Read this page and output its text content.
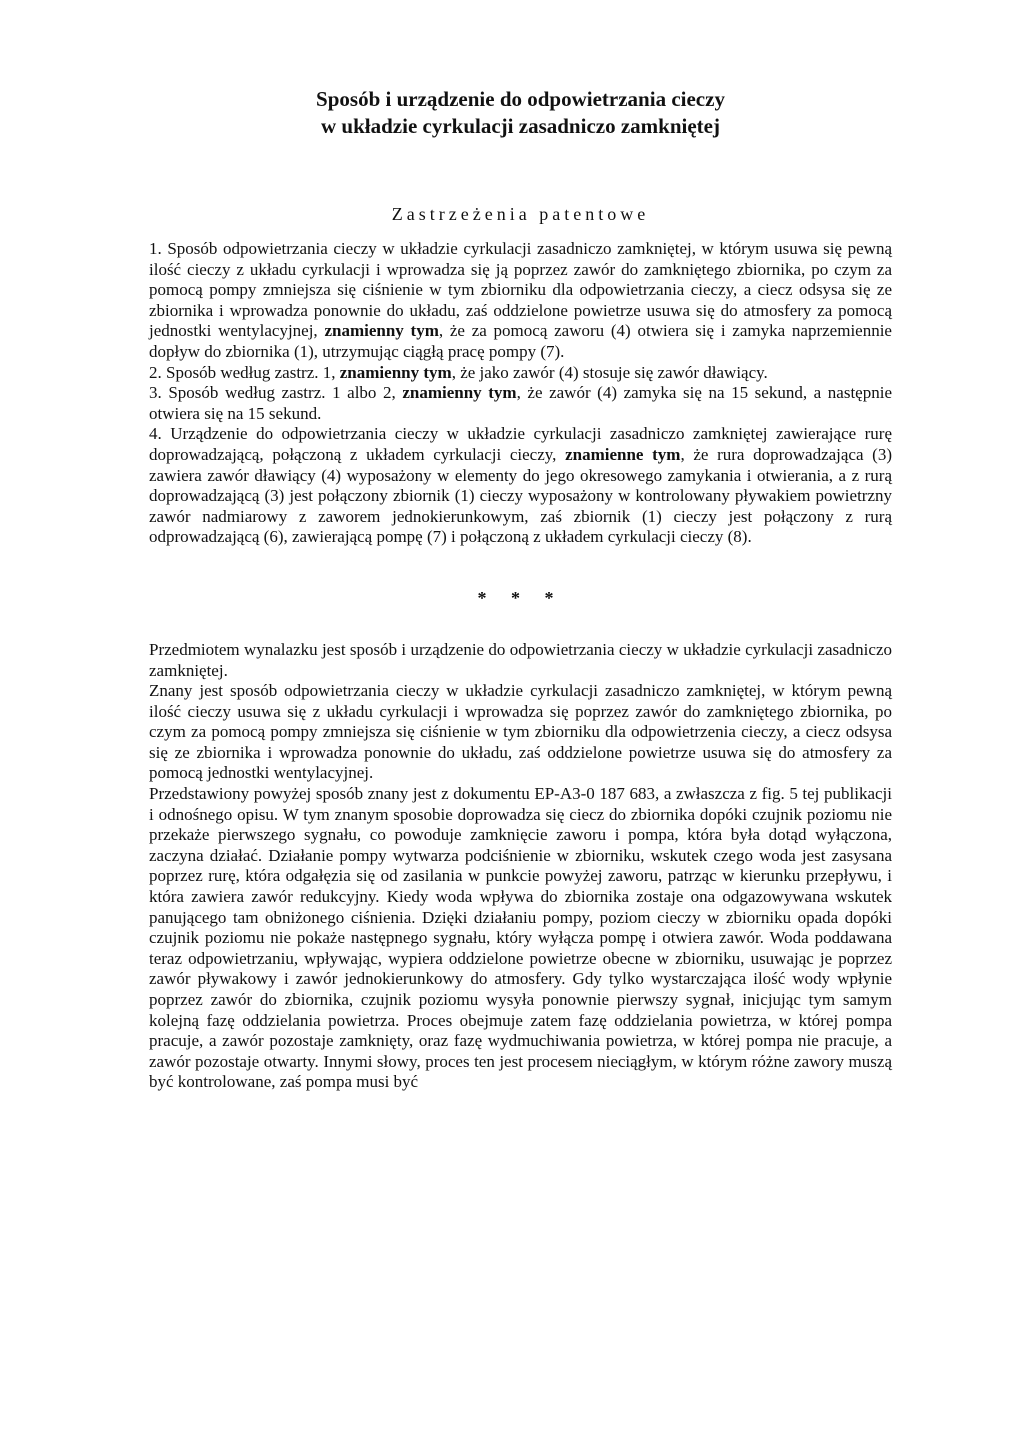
Sposób i urządzenie do odpowietrzania cieczy
w układzie cyrkulacji zasadniczo zamkniętej
Zastrzeżenia patentowe

1. Sposób odpowietrzania cieczy w układzie cyrkulacji zasadniczo zamkniętej, w którym usuwa się pewną ilość cieczy z układu cyrkulacji i wprowadza się ją poprzez zawór do zamkniętego zbiornika, po czym za pomocą pompy zmniejsza się ciśnienie w tym zbiorniku dla odpowietrzania cieczy, a ciecz odsysa się ze zbiornika i wprowadza ponownie do układu, zaś oddzielone powietrze usuwa się do atmosfery za pomocą jednostki wentylacyjnej, znamienny tym, że za pomocą zaworu (4) otwiera się i zamyka naprzemiennie dopływ do zbiornika (1), utrzymując ciągłą pracę pompy (7).

2. Sposób według zastrz. 1, znamienny tym, że jako zawór (4) stosuje się zawór dławiący.

3. Sposób według zastrz. 1 albo 2, znamienny tym, że zawór (4) zamyka się na 15 sekund, a następnie otwiera się na 15 sekund.

4. Urządzenie do odpowietrzania cieczy w układzie cyrkulacji zasadniczo zamkniętej zawierające rurę doprowadzającą, połączoną z układem cyrkulacji cieczy, znamienne tym, że rura doprowadzająca (3) zawiera zawór dławiący (4) wyposażony w elementy do jego okresowego zamykania i otwierania, a z rurą doprowadzającą (3) jest połączony zbiornik (1) cieczy wyposażony w kontrolowany pływakiem powietrzny zawór nadmiarowy z zaworem jednokierunkowym, zaś zbiornik (1) cieczy jest połączony z rurą odprowadzającą (6), zawierającą pompę (7) i połączoną z układem cyrkulacji cieczy (8).

* * *

Przedmiotem wynalazku jest sposób i urządzenie do odpowietrzania cieczy w układzie cyrkulacji zasadniczo zamkniętej.

Znany jest sposób odpowietrzania cieczy w układzie cyrkulacji zasadniczo zamkniętej, w którym pewną ilość cieczy usuwa się z układu cyrkulacji i wprowadza się poprzez zawór do zamkniętego zbiornika, po czym za pomocą pompy zmniejsza się ciśnienie w tym zbiorniku dla odpowietrzenia cieczy, a ciecz odsysa się ze zbiornika i wprowadza ponownie do układu, zaś oddzielone powietrze usuwa się do atmosfery za pomocą jednostki wentylacyjnej.

Przedstawiony powyżej sposób znany jest z dokumentu EP-A3-0 187 683, a zwłaszcza z fig. 5 tej publikacji i odnośnego opisu. W tym znanym sposobie doprowadza się ciecz do zbiornika dopóki czujnik poziomu nie przekaże pierwszego sygnału, co powoduje zamknięcie zaworu i pompa, która była dotąd wyłączona, zaczyna działać. Działanie pompy wytwarza podciśnienie w zbiorniku, wskutek czego woda jest zasysana poprzez rurę, która odgałęzia się od zasilania w punkcie powyżej zaworu, patrząc w kierunku przepływu, i która zawiera zawór redukcyjny. Kiedy woda wpływa do zbiornika zostaje ona odgazowywana wskutek panującego tam obniżonego ciśnienia. Dzięki działaniu pompy, poziom cieczy w zbiorniku opada dopóki czujnik poziomu nie pokaże następnego sygnału, który wyłącza pompę i otwiera zawór. Woda poddawana teraz odpowietrzaniu, wpływając, wypiera oddzielone powietrze obecne w zbiorniku, usuwając je poprzez zawór pływakowy i zawór jednokierunkowy do atmosfery. Gdy tylko wystarczająca ilość wody wpłynie poprzez zawór do zbiornika, czujnik poziomu wysyła ponownie pierwszy sygnał, inicjując tym samym kolejną fazę oddzielania powietrza. Proces obejmuje zatem fazę oddzielania powietrza, w której pompa pracuje, a zawór pozostaje zamknięty, oraz fazę wydmuchiwania powietrza, w której pompa nie pracuje, a zawór pozostaje otwarty. Innymi słowy, proces ten jest procesem nieciągłym, w którym różne zawory muszą być kontrolowane, zaś pompa musi być
